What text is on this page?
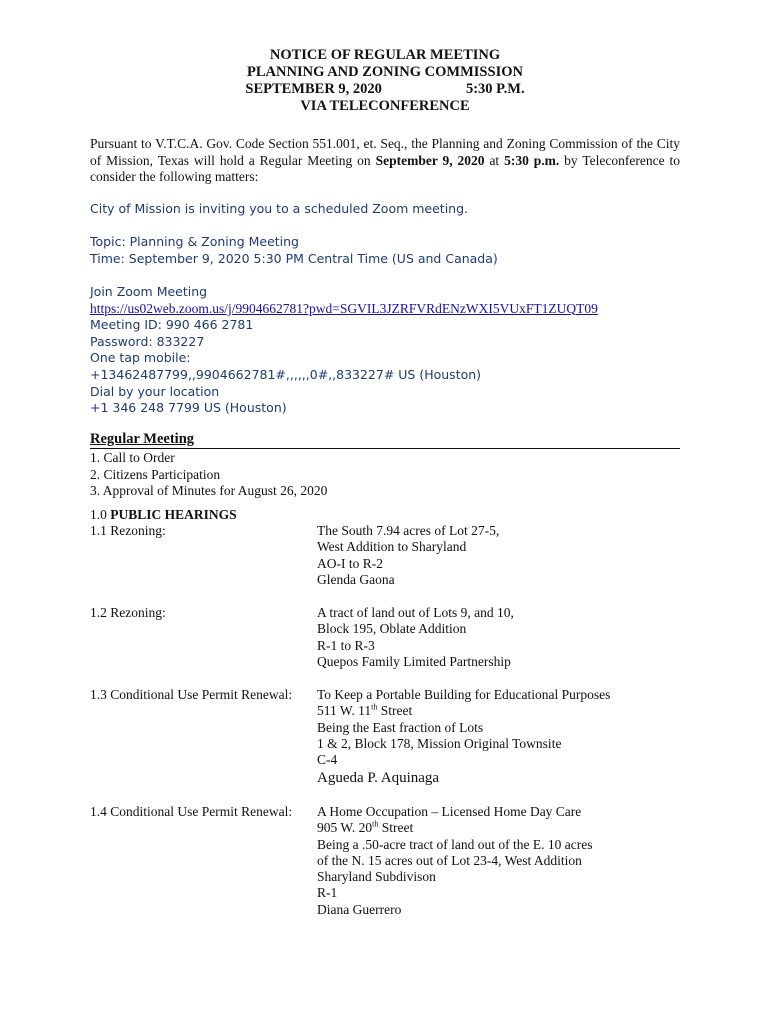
NOTICE OF REGULAR MEETING
PLANNING AND ZONING COMMISSION
SEPTEMBER 9, 2020	5:30 P.M.
VIA TELECONFERENCE
Pursuant to V.T.C.A. Gov. Code Section 551.001, et. Seq., the Planning and Zoning Commission of the City of Mission, Texas will hold a Regular Meeting on September 9, 2020 at 5:30 p.m. by Teleconference to consider the following matters:
City of Mission is inviting you to a scheduled Zoom meeting.
Topic: Planning & Zoning Meeting
Time: September 9, 2020 5:30 PM Central Time (US and Canada)
Join Zoom Meeting
https://us02web.zoom.us/j/9904662781?pwd=SGVIL3JZRFVRdENzWXI5VUxFT1ZUQT09
Meeting ID: 990 466 2781
Password: 833227
One tap mobile:
+13462487799,,9904662781#,,,,,,0#,,833227# US (Houston)
Dial by your location
+1 346 248 7799 US (Houston)
Regular Meeting
1. Call to Order
2. Citizens Participation
3. Approval of Minutes for August 26, 2020
1.0 PUBLIC HEARINGS
1.1 Rezoning:	The South 7.94 acres of Lot 27-5,
West Addition to Sharyland
AO-I to R-2
Glenda Gaona
1.2 Rezoning:	A tract of land out of Lots 9, and 10,
Block 195, Oblate Addition
R-1 to R-3
Quepos Family Limited Partnership
1.3 Conditional Use Permit Renewal: To Keep a Portable Building for Educational Purposes
511 W. 11th Street
Being the East fraction of Lots
1 & 2, Block 178, Mission Original Townsite
C-4
Agueda P. Aquinaga
1.4 Conditional Use Permit Renewal: A Home Occupation – Licensed Home Day Care
905 W. 20th Street
Being a .50-acre tract of land out of the E. 10 acres
of the N. 15 acres out of Lot 23-4, West Addition
Sharyland Subdivison
R-1
Diana Guerrero
